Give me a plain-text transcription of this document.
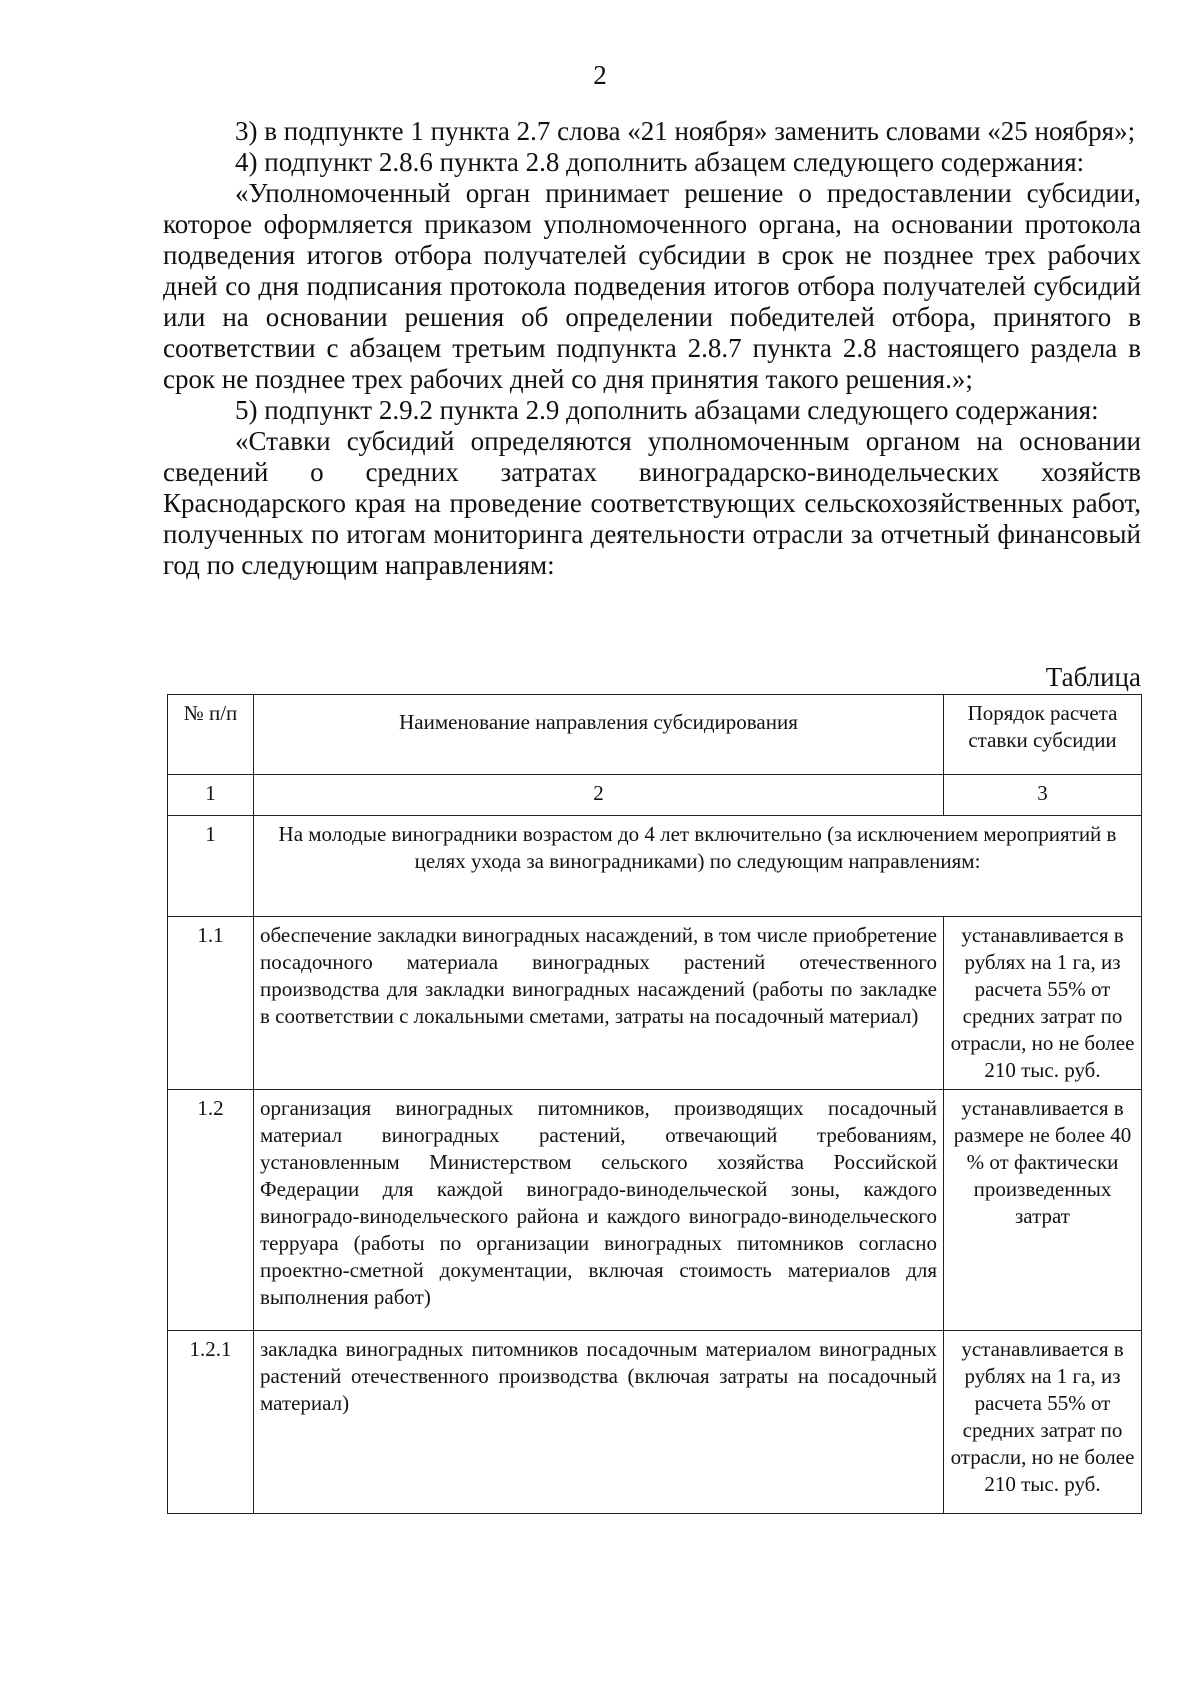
2

3) в подпункте 1 пункта 2.7 слова «21 ноября» заменить словами «25 ноября»;

4) подпункт 2.8.6 пункта 2.8 дополнить абзацем следующего содержания:

«Уполномоченный орган принимает решение о предоставлении субсидии, которое оформляется приказом уполномоченного органа, на основании протокола подведения итогов отбора получателей субсидии в срок не позднее трех рабочих дней со дня подписания протокола подведения итогов отбора получателей субсидий или на основании решения об определении победителей отбора, принятого в соответствии с абзацем третьим подпункта 2.8.7 пункта 2.8 настоящего раздела в срок не позднее трех рабочих дней со дня принятия такого решения.»;

5) подпункт 2.9.2 пункта 2.9 дополнить абзацами следующего содержания:

«Ставки субсидий определяются уполномоченным органом на основании сведений о средних затратах виноградарско-винодельческих хозяйств Краснодарского края на проведение соответствующих сельскохозяйственных работ, полученных по итогам мониторинга деятельности отрасли за отчетный финансовый год по следующим направлениям:

Таблица
№ п/п	Наименование направления субсидирования	Порядок расчета ставки субсидии
1	2	3
1	На молодые виноградники возрастом до 4 лет включительно (за исключением мероприятий в целях ухода за виноградниками) по следующим направлениям:	
1.1	обеспечение закладки виноградных насаждений, в том числе приобретение посадочного материала виноградных растений отечественного производства для закладки виноградных насаждений (работы по закладке в соответствии с локальными сметами, затраты на посадочный материал)	устанавливается в рублях на 1 га, из расчета 55% от средних затрат по отрасли, но не более 210 тыс. руб.
1.2	организация виноградных питомников, производящих посадочный материал виноградных растений, отвечающий требованиям, установленным Министерством сельского хозяйства Российской Федерации для каждой виноградо-винодельческой зоны, каждого виноградо-винодельческого района и каждого виноградо-винодельческого терруара (работы по организации виноградных питомников согласно проектно-сметной документации, включая стоимость материалов для выполнения работ)	устанавливается в размере не более 40 % от фактически произведенных затрат
1.2.1	закладка виноградных питомников посадочным материалом виноградных растений отечественного производства (включая затраты на посадочный материал)	устанавливается в рублях на 1 га, из расчета 55% от средних затрат по отрасли, но не более 210 тыс. руб.
